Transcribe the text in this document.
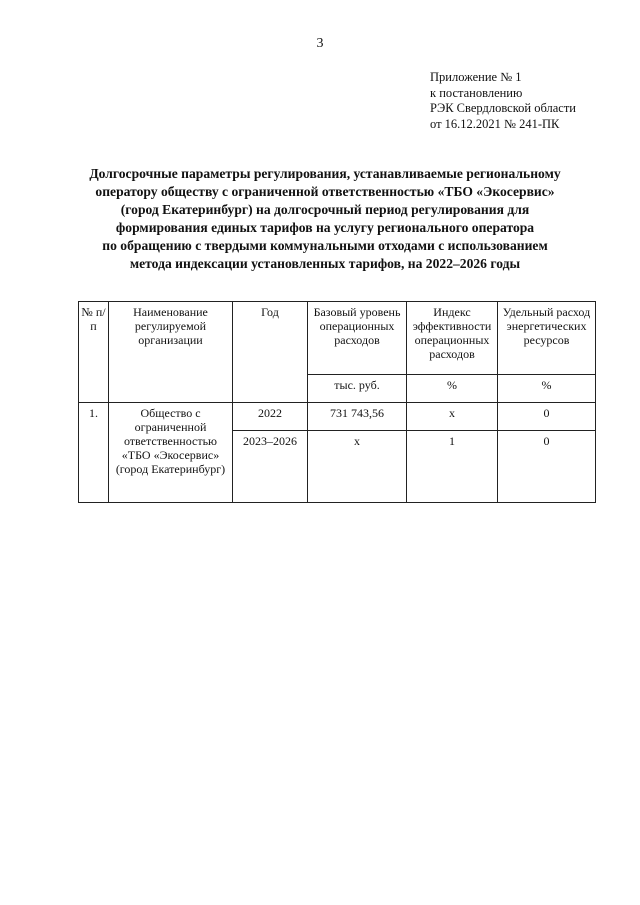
3
Приложение № 1
к постановлению
РЭК Свердловской области
от 16.12.2021 № 241-ПК
Долгосрочные параметры регулирования, устанавливаемые региональному
оператору обществу с ограниченной ответственностью «ТБО «Экосервис»
(город Екатеринбург) на долгосрочный период регулирования для
формирования единых тарифов на услугу регионального оператора
по обращению с твердыми коммунальными отходами с использованием
метода индексации установленных тарифов, на 2022–2026 годы
№ п/п	Наименование регулируемой организации	Год	Базовый уровень операционных расходов	Индекс эффективности операционных расходов	Удельный расход энергетических ресурсов

			тыс. руб.	%	%
1.	Общество с ограниченной ответственностью «ТБО «Экосервис» (город Екатеринбург)	2022	731 743,56	х	0
		2023–2026	х	1	0
